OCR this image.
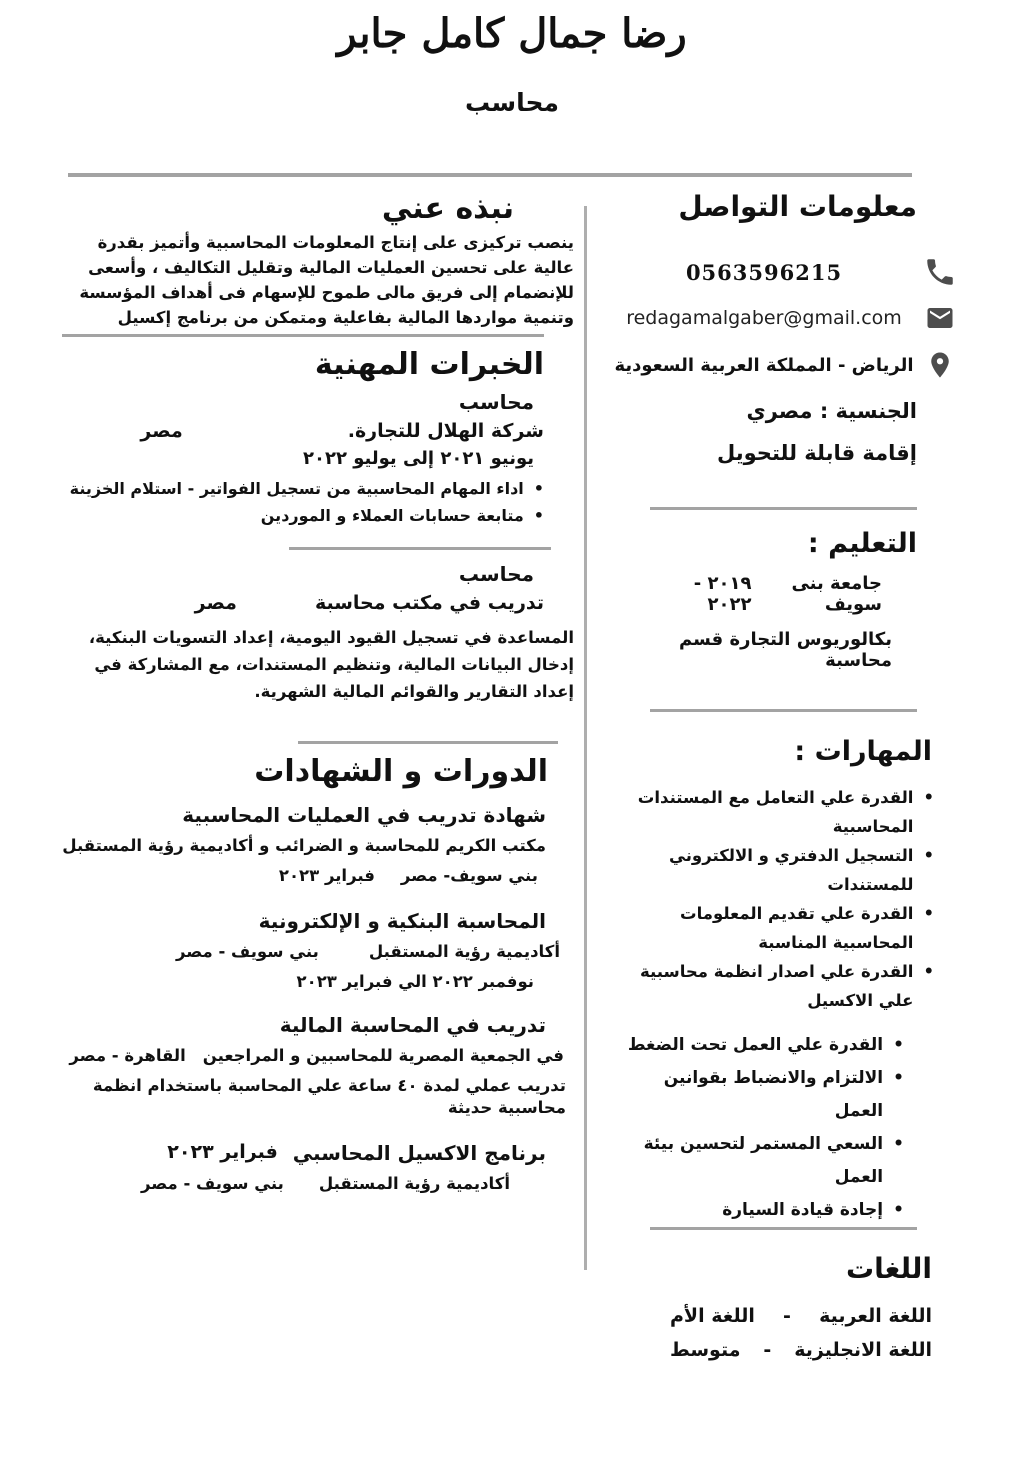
رضا جمال كامل جابر
محاسب
معلومات التواصل
0563596215
redagamalgaber@gmail.com
الرياض - المملكة العربية السعودية
الجنسية : مصري
إقامة قابلة للتحويل
التعليم :
جامعة بنى سويف
٢٠١٩ - ٢٠٢٢
بكالوريوس التجارة قسم محاسبة
المهارات :
• القدرة علي التعامل مع المستندات المحاسبية
• التسجيل الدفتري و الالكتروني للمستندات
• القدرة علي تقديم المعلومات المحاسبية المناسبة
• القدرة علي اصدار انظمة محاسبية علي الاكسيل
• القدرة علي العمل تحت الضغط
• الالتزام والانضباط بقوانين العمل
• السعي المستمر لتحسين بيئة العمل
• إجادة قيادة السيارة
اللغات
اللغة العربية
-
اللغة الأم
اللغة الانجليزية
-
متوسط
نبذه عني
ينصب تركيزى على إنتاج المعلومات المحاسبية وأتميز بقدرة عالية على تحسين العمليات المالية وتقليل التكاليف ، وأسعى للإنضمام إلى فريق مالى طموح للإسهام فى أهداف المؤسسة وتنمية مواردها المالية بفاعلية ومتمكن من برنامج إكسيل
الخبرات المهنية
محاسب
شركة الهلال للتجارة.
مصر
يونيو ٢٠٢١ إلى يوليو ٢٠٢٢
• اداء المهام المحاسبية من تسجيل الفواتير - استلام الخزينة
• متابعة حسابات العملاء و الموردين
محاسب
تدريب في مكتب محاسبة
مصر
المساعدة في تسجيل القيود اليومية، إعداد التسويات البنكية، إدخال البيانات المالية، وتنظيم المستندات، مع المشاركة في إعداد التقارير والقوائم المالية الشهرية.
الدورات و الشهادات
شهادة تدريب في العمليات المحاسبية
مكتب الكريم للمحاسبة و الضرائب و أكاديمية رؤية المستقبل
بني سويف- مصر
فبراير ٢٠٢٣
المحاسبة البنكية و الإلكترونية
أكاديمية رؤية المستقبل
بني سويف - مصر
نوفمبر ٢٠٢٢ الي فبراير ٢٠٢٣
تدريب في المحاسبة المالية
في الجمعية المصرية للمحاسبين و المراجعين
القاهرة - مصر
تدريب عملي لمدة ٤٠ ساعة علي المحاسبة باستخدام انظمة محاسبية حديثة
برنامج الاكسيل المحاسبي
فبراير ٢٠٢٣
أكاديمية رؤية المستقبل
بني سويف - مصر
